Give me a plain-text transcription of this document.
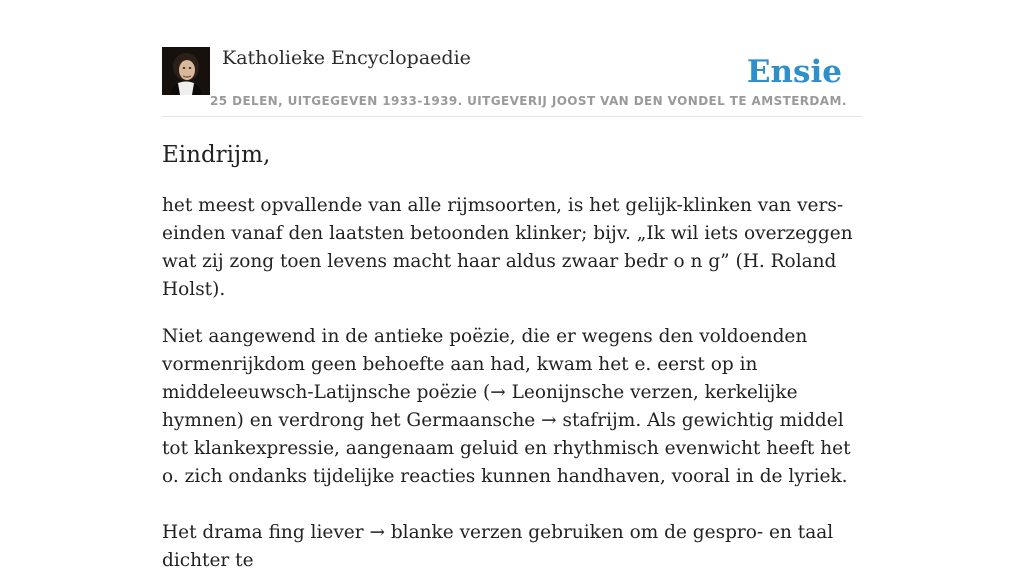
Katholieke Encyclopaedie	Ensie
25 DELEN, UITGEGEVEN 1933-1939. UITGEVERIJ JOOST VAN DEN VONDEL TE AMSTERDAM.
Eindrijm,

het meest opvallende van alle rijmsoorten, is het gelijk-klinken van vers-einden vanaf den laatsten betoonden klinker; bijv. „Ik wil iets overzeggen wat zij zong toen levens macht haar aldus zwaar bedr o n g” (H. Roland Holst).

Niet aangewend in de antieke poëzie, die er wegens den voldoenden vormenrijkdom geen behoefte aan had, kwam het e. eerst op in middeleeuwsch-Latijnsche poëzie (→ Leonijnsche verzen, kerkelijke hymnen) en verdrong het Germaansche → stafrijm. Als gewichtig middel tot klankexpressie, aangenaam geluid en rhythmisch evenwicht heeft het o. zich ondanks tijdelijke reacties kunnen handhaven, vooral in de lyriek.

Het drama fing liever → blanke verzen gebruiken om de gespro- en taal dichter te
